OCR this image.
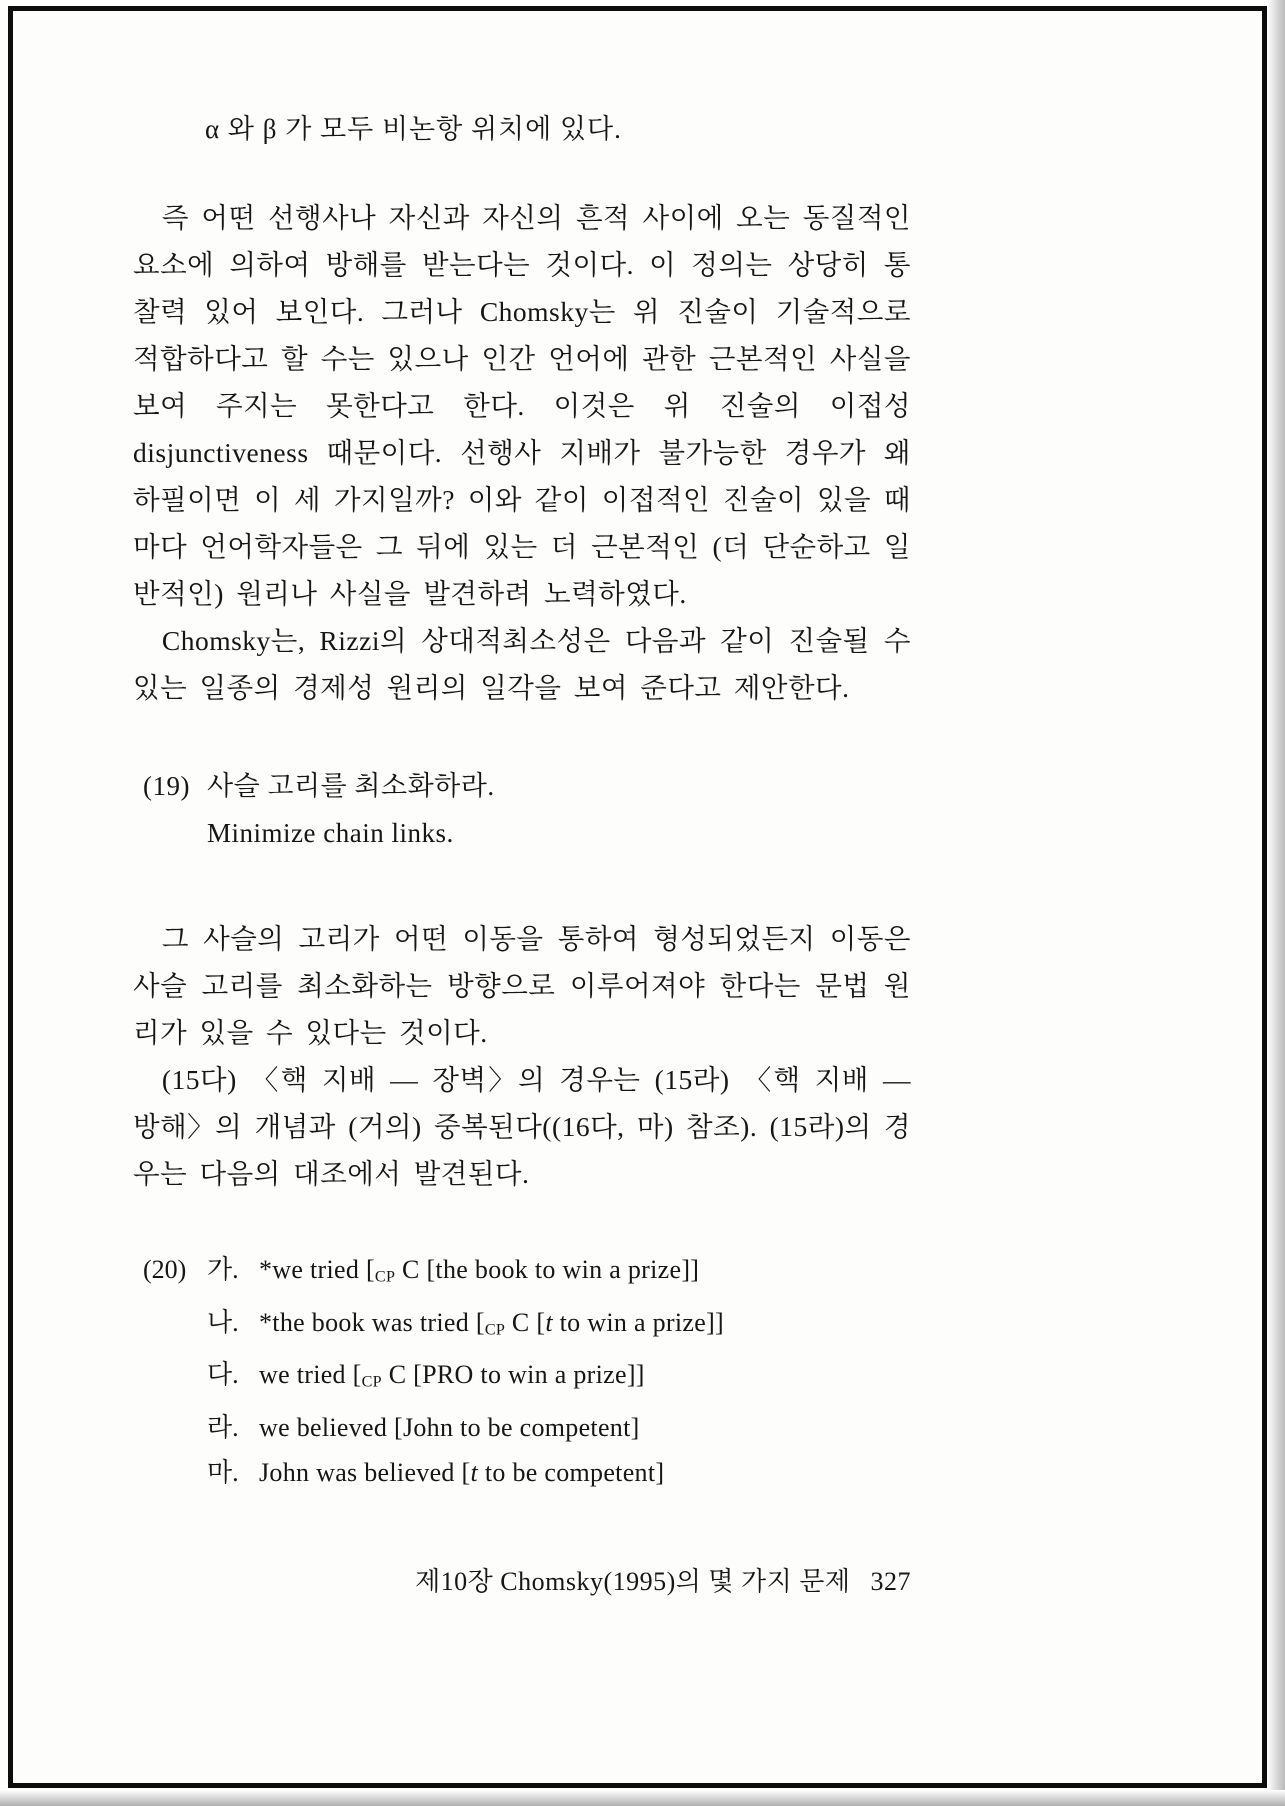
α 와 β 가 모두 비논항 위치에 있다.

즉 어떤 선행사나 자신과 자신의 흔적 사이에 오는 동질적인 요소에 의하여 방해를 받는다는 것이다. 이 정의는 상당히 통찰력 있어 보인다. 그러나 Chomsky는 위 진술이 기술적으로 적합하다고 할 수는 있으나 인간 언어에 관한 근본적인 사실을 보여 주지는 못한다고 한다. 이것은 위 진술의 이접성 disjunctiveness 때문이다. 선행사 지배가 불가능한 경우가 왜 하필이면 이 세 가지일까? 이와 같이 이접적인 진술이 있을 때마다 언어학자들은 그 뒤에 있는 더 근본적인 (더 단순하고 일반적인) 원리나 사실을 발견하려 노력하였다.

Chomsky는, Rizzi의 상대적최소성은 다음과 같이 진술될 수 있는 일종의 경제성 원리의 일각을 보여 준다고 제안한다.

(19) 사슬 고리를 최소화하라.
Minimize chain links.

그 사슬의 고리가 어떤 이동을 통하여 형성되었든지 이동은 사슬 고리를 최소화하는 방향으로 이루어져야 한다는 문법 원리가 있을 수 있다는 것이다.

(15다) 〈핵 지배 — 장벽〉의 경우는 (15라) 〈핵 지배 — 방해〉의 개념과 (거의) 중복된다((16다, 마) 참조). (15라)의 경우는 다음의 대조에서 발견된다.

(20) 가. *we tried [CP C [the book to win a prize]]
나. *the book was tried [CP C [t to win a prize]]
다. we tried [CP C [PRO to win a prize]]
라. we believed [John to be competent]
마. John was believed [t to be competent]
제10장 Chomsky(1995)의 몇 가지 문제 327
